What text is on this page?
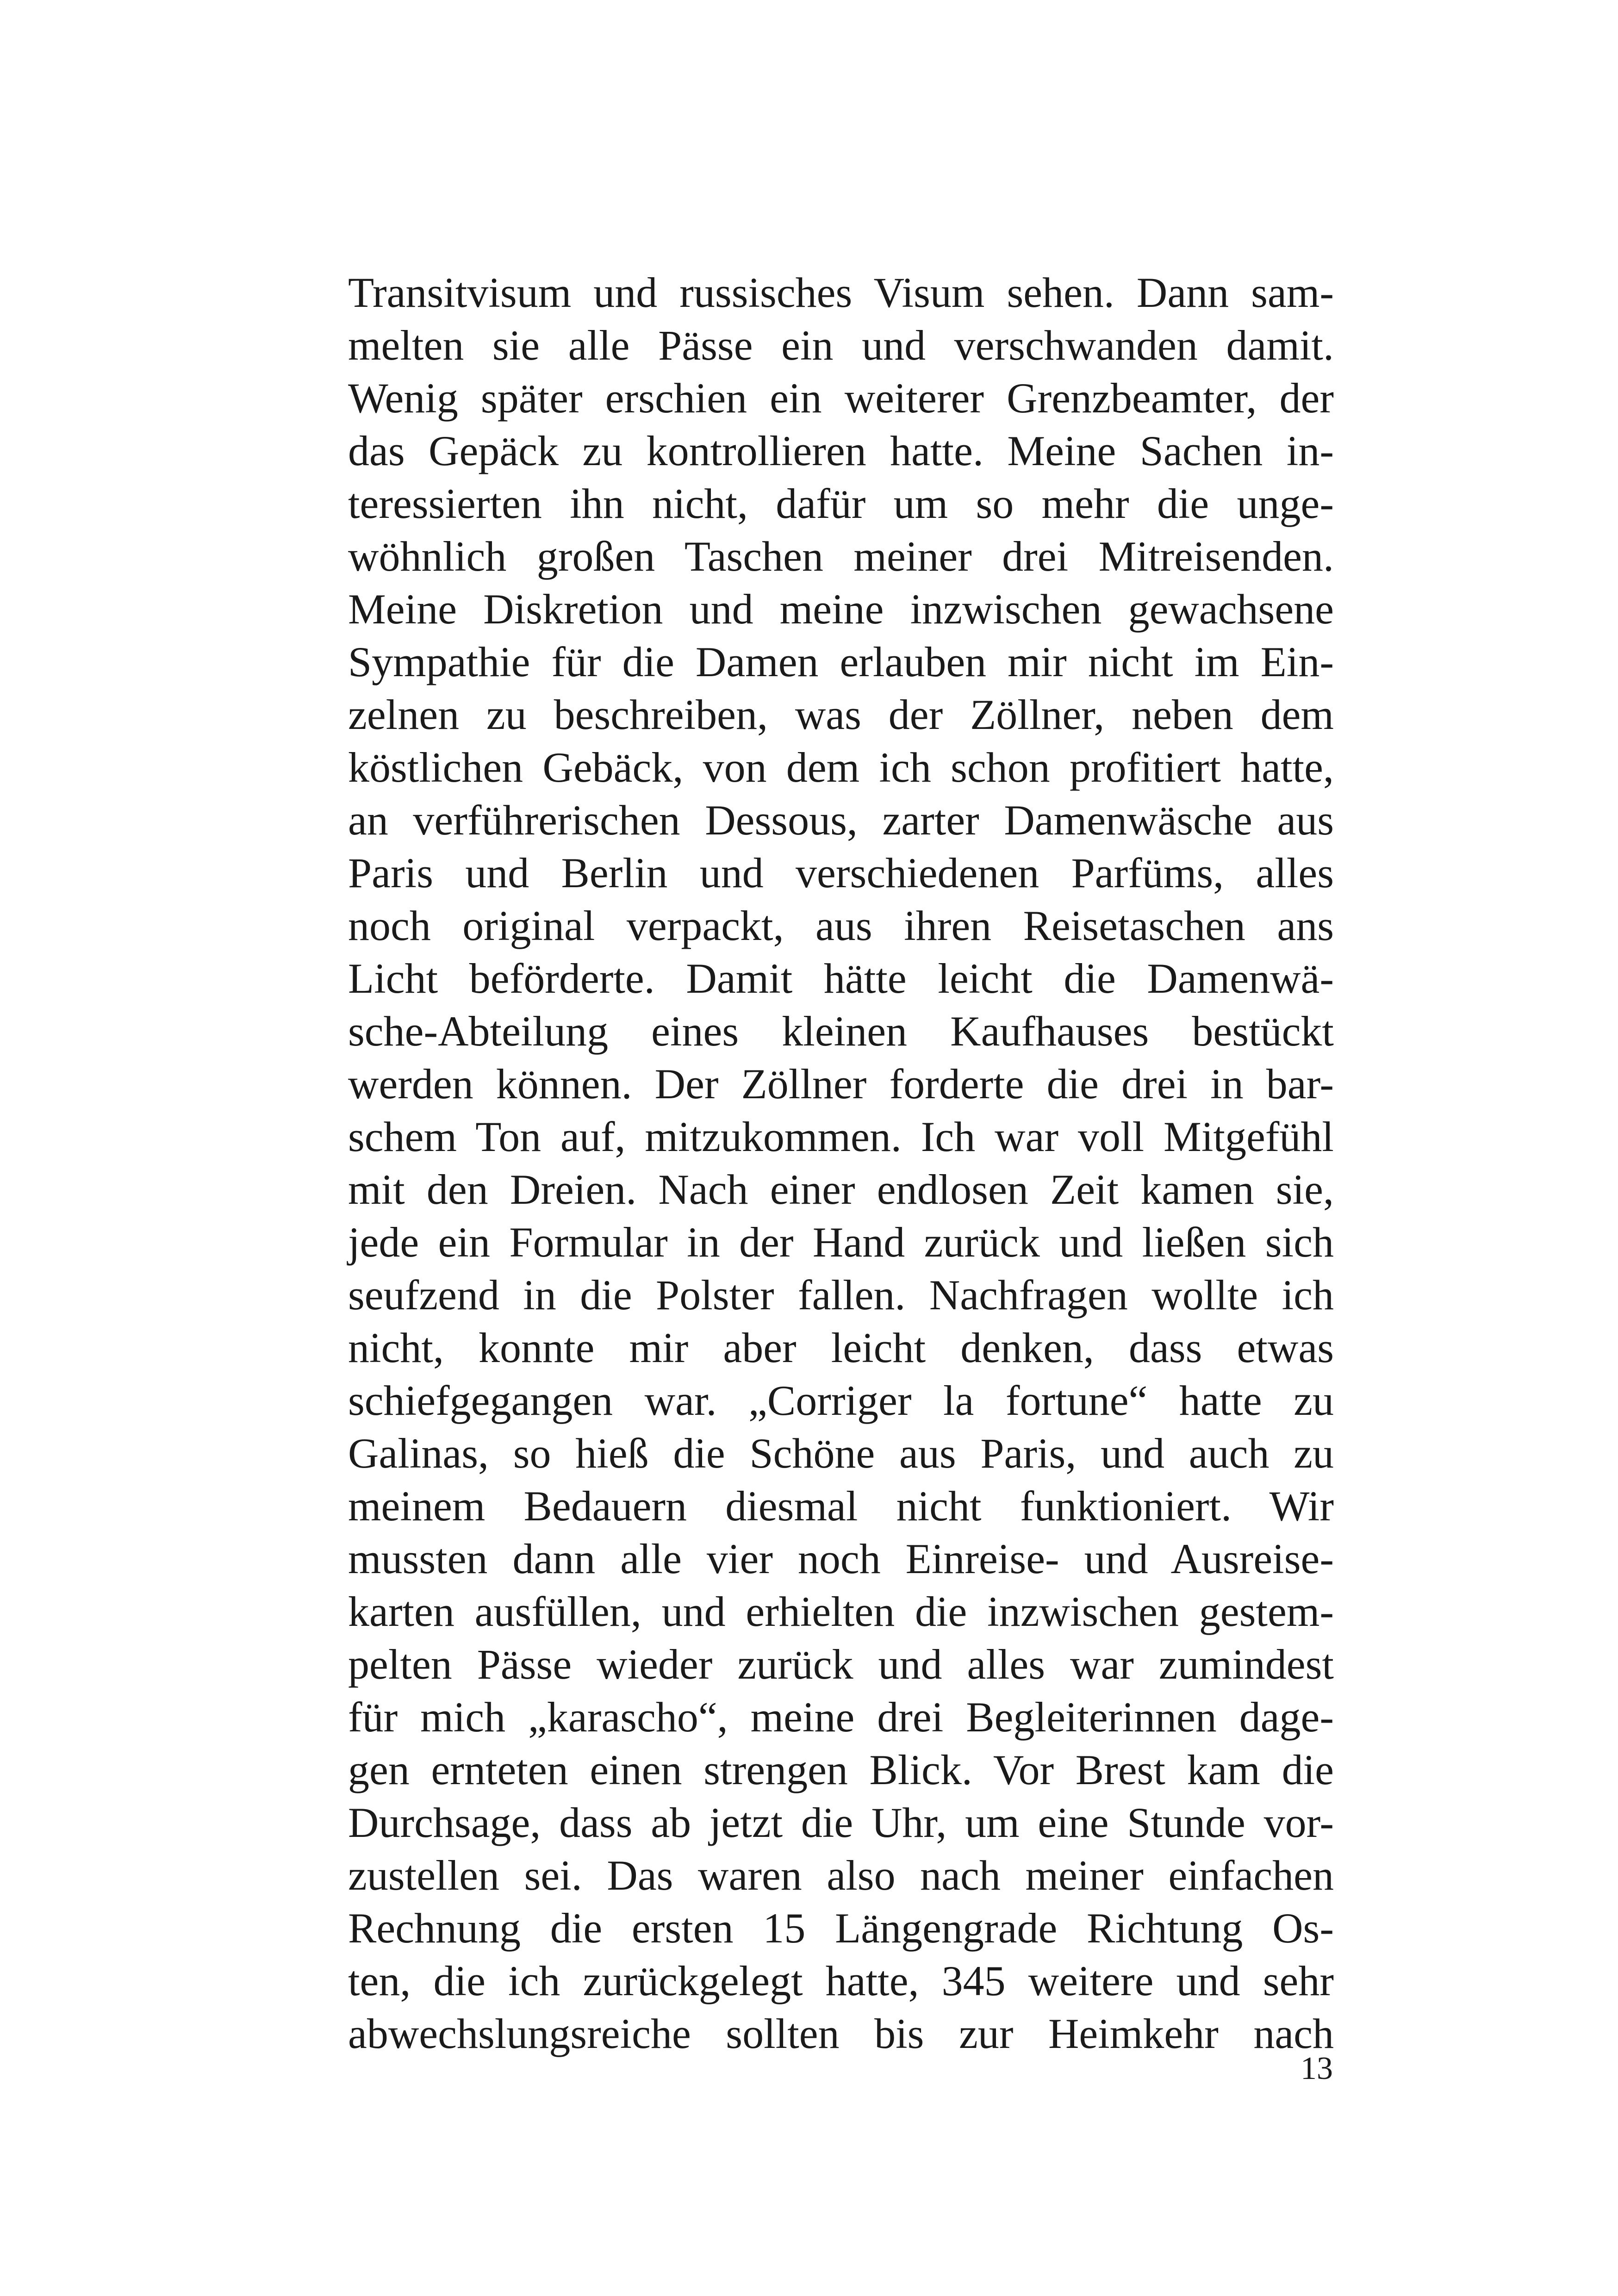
Transitvisum und russisches Visum sehen. Dann sam-
melten sie alle Pässe ein und verschwanden damit.
Wenig später erschien ein weiterer Grenzbeamter, der
das Gepäck zu kontrollieren hatte. Meine Sachen in-
teressierten ihn nicht, dafür um so mehr die unge-
wöhnlich großen Taschen meiner drei Mitreisenden.
Meine Diskretion und meine inzwischen gewachsene
Sympathie für die Damen erlauben mir nicht im Ein-
zelnen zu beschreiben, was der Zöllner, neben dem
köstlichen Gebäck, von dem ich schon profitiert hatte,
an verführerischen Dessous, zarter Damenwäsche aus
Paris und Berlin und verschiedenen Parfüms, alles
noch original verpackt, aus ihren Reisetaschen ans
Licht beförderte. Damit hätte leicht die Damenwä-
sche-Abteilung eines kleinen Kaufhauses bestückt
werden können. Der Zöllner forderte die drei in bar-
schem Ton auf, mitzukommen. Ich war voll Mitgefühl
mit den Dreien. Nach einer endlosen Zeit kamen sie,
jede ein Formular in der Hand zurück und ließen sich
seufzend in die Polster fallen. Nachfragen wollte ich
nicht, konnte mir aber leicht denken, dass etwas
schiefgegangen war. „Corriger la fortune“ hatte zu
Galinas, so hieß die Schöne aus Paris, und auch zu
meinem Bedauern diesmal nicht funktioniert. Wir
mussten dann alle vier noch Einreise- und Ausreise-
karten ausfüllen, und erhielten die inzwischen gestem-
pelten Pässe wieder zurück und alles war zumindest
für mich „karascho“, meine drei Begleiterinnen dage-
gen ernteten einen strengen Blick. Vor Brest kam die
Durchsage, dass ab jetzt die Uhr, um eine Stunde vor-
zustellen sei. Das waren also nach meiner einfachen
Rechnung die ersten 15 Längengrade Richtung Os-
ten, die ich zurückgelegt hatte, 345 weitere und sehr
abwechslungsreiche sollten bis zur Heimkehr nach
13
